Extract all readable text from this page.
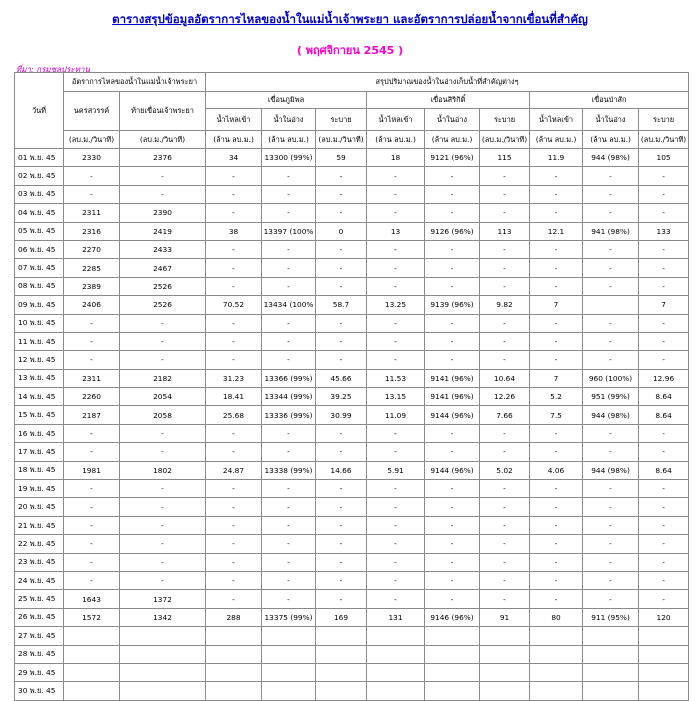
ตารางสรุปข้อมูลอัตราการไหลของน้ำในแม่น้ำเจ้าพระยา และอัตราการปล่อยน้ำจากเขื่อนที่สำคัญ
( พฤศจิกายน 2545 )
ที่มา: กรมชลประทาน
วันที่	อัตราการไหลของน้ำในแม่น้ำเจ้าพระยา		สรุปปริมาณของน้ำในอ่างเก็บน้ำที่สำคัญต่างๆ								
	นครสวรรค์	ท้ายเขื่อนเจ้าพระยา	เขื่อนภูมิพล			เขื่อนสิริกิติ์			เขื่อนป่าสัก		
			น้ำไหลเข้า	น้ำในอ่าง	ระบาย	น้ำไหลเข้า	น้ำในอ่าง	ระบาย	น้ำไหลเข้า	น้ำในอ่าง	ระบาย
	(ลบ.ม./วินาที)	(ลบ.ม./วินาที)	(ล้าน ลบ.ม.)	(ล้าน ลบ.ม.)	(ลบ.ม./วินาที)	(ล้าน ลบ.ม.)	(ล้าน ลบ.ม.)	(ลบ.ม./วินาที)	(ล้าน ลบ.ม.)	(ล้าน ลบ.ม.)	(ลบ.ม./วินาที)
01 พ.ย. 45	2330	2376	34	13300 (99%)	59	18	9121 (96%)	115	11.9	944 (98%)	105
02 พ.ย. 45	-	-	-	-	-	-	-	-	-	-	-
03 พ.ย. 45	-	-	-	-	-	-	-	-	-	-	-
04 พ.ย. 45	2311	2390	-	-	-	-	-	-	-	-	-
05 พ.ย. 45	2316	2419	38	13397 (100%	0	13	9126 (96%)	113	12.1	941 (98%)	133
06 พ.ย. 45	2270	2433	-	-	-	-	-	-	-	-	-
07 พ.ย. 45	2285	2467	-	-	-	-	-	-	-	-	-
08 พ.ย. 45	2389	2526	-	-	-	-	-	-	-	-	-
09 พ.ย. 45	2406	2526	70.52	13434 (100%	58.7	13.25	9139 (96%)	9.82	7		7
10 พ.ย. 45	-	-	-	-	-	-	-	-	-	-	-
11 พ.ย. 45	-	-	-	-	-	-	-	-	-	-	-
12 พ.ย. 45	-	-	-	-	-	-	-	-	-	-	-
13 พ.ย. 45	2311	2182	31.23	13366 (99%)	45.66	11.53	9141 (96%)	10.64	7	960 (100%)	12.96
14 พ.ย. 45	2260	2054	18.41	13344 (99%)	39.25	13.15	9141 (96%)	12.26	5.2	951 (99%)	8.64
15 พ.ย. 45	2187	2058	25.68	13336 (99%)	30.99	11.09	9144 (96%)	7.66	7.5	944 (98%)	8.64
16 พ.ย. 45	-	-	-	-	-	-	-	-	-	-	-
17 พ.ย. 45	-	-	-	-	-	-	-	-	-	-	-
18 พ.ย. 45	1981	1802	24.87	13338 (99%)	14.66	5.91	9144 (96%)	5.02	4.06	944 (98%)	8.64
19 พ.ย. 45	-	-	-	-	-	-	-	-	-	-	-
20 พ.ย. 45	-	-	-	-	-	-	-	-	-	-	-
21 พ.ย. 45	-	-	-	-	-	-	-	-	-	-	-
22 พ.ย. 45	-	-	-	-	-	-	-	-	-	-	-
23 พ.ย. 45	-	-	-	-	-	-	-	-	-	-	-
24 พ.ย. 45	-	-	-	-	-	-	-	-	-	-	-
25 พ.ย. 45	1643	1372	-	-	-	-	-	-	-	-	-
26 พ.ย. 45	1572	1342	288	13375 (99%)	169	131	9146 (96%)	91	80	911 (95%)	120
27 พ.ย. 45											
28 พ.ย. 45											
29 พ.ย. 45											
30 พ.ย. 45											
